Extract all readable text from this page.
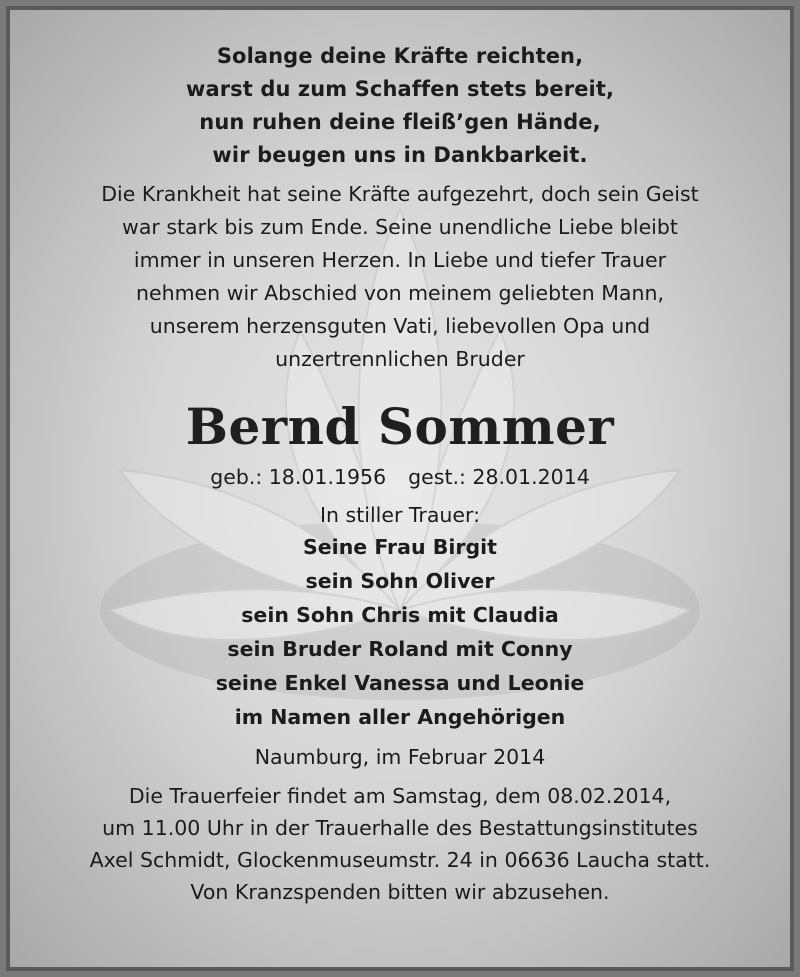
Solange deine Kräfte reichten,
warst du zum Schaffen stets bereit,
nun ruhen deine fleiß’gen Hände,
wir beugen uns in Dankbarkeit.
Die Krankheit hat seine Kräfte aufgezehrt, doch sein Geist
war stark bis zum Ende. Seine unendliche Liebe bleibt
immer in unseren Herzen. In Liebe und tiefer Trauer
nehmen wir Abschied von meinem geliebten Mann,
unserem herzensguten Vati, liebevollen Opa und
unzertrennlichen Bruder
Bernd Sommer
geb.: 18.01.1956 gest.: 28.01.2014
In stiller Trauer:
Seine Frau Birgit
sein Sohn Oliver
sein Sohn Chris mit Claudia
sein Bruder Roland mit Conny
seine Enkel Vanessa und Leonie
im Namen aller Angehörigen
Naumburg, im Februar 2014
Die Trauerfeier findet am Samstag, dem 08.02.2014,
um 11.00 Uhr in der Trauerhalle des Bestattungsinstitutes
Axel Schmidt, Glockenmuseumstr. 24 in 06636 Laucha statt.
Von Kranzspenden bitten wir abzusehen.
